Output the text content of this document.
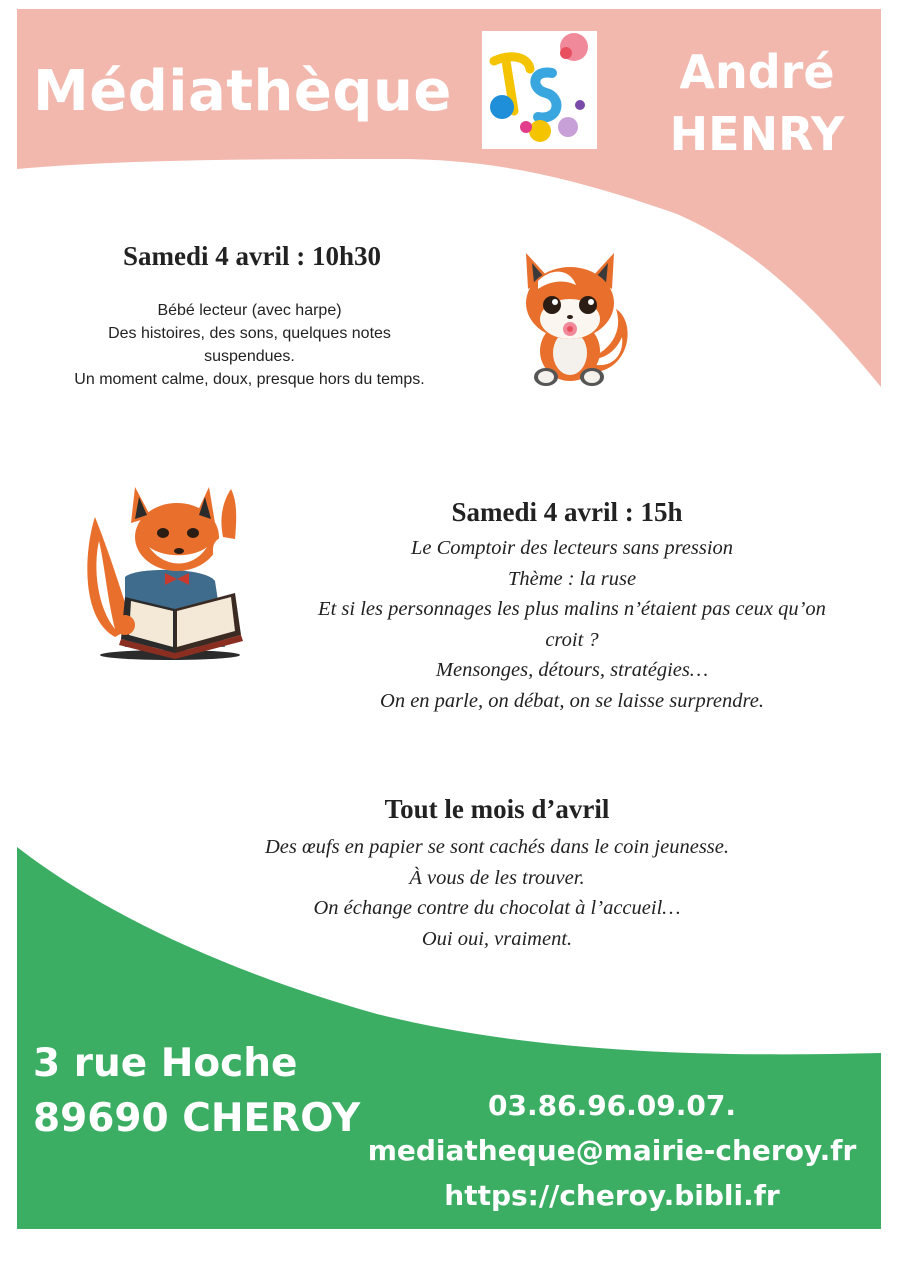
Médiathèque	André
HENRY
Samedi 4 avril : 10h30
Bébé lecteur (avec harpe)
Des histoires, des sons, quelques notes
suspendues.
Un moment calme, doux, presque hors du temps.
Samedi 4 avril : 15h
Le Comptoir des lecteurs sans pression
Thème : la ruse
Et si les personnages les plus malins n’étaient pas ceux qu’on
croit ?
Mensonges, détours, stratégies…
On en parle, on débat, on se laisse surprendre.
Tout le mois d’avril
Des œufs en papier se sont cachés dans le coin jeunesse.
À vous de les trouver.
On échange contre du chocolat à l’accueil…
Oui oui, vraiment.
3 rue Hoche
89690 CHEROY	03.86.96.09.07.
mediatheque@mairie-cheroy.fr
https://cheroy.bibli.fr
